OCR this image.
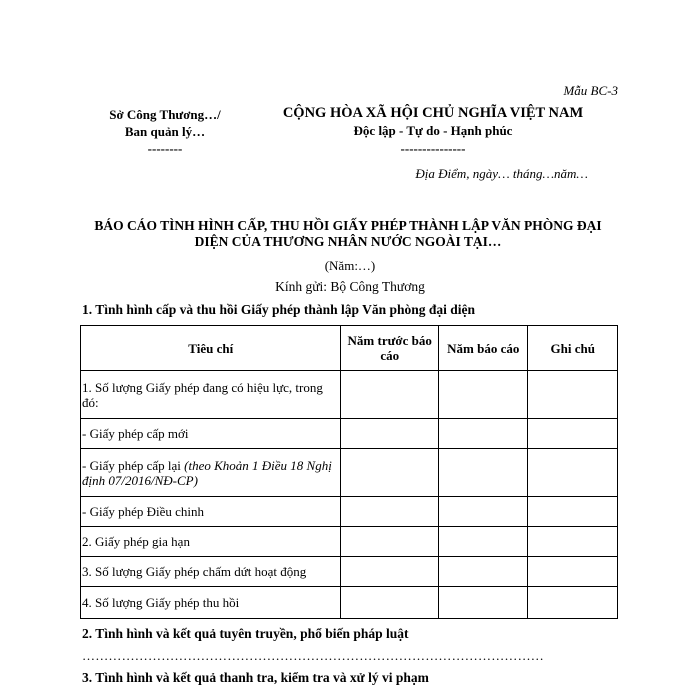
Mẫu BC-3
Sở Công Thương…/
Ban quản lý…
--------
CỘNG HÒA XÃ HỘI CHỦ NGHĨA VIỆT NAM
Độc lập - Tự do - Hạnh phúc
---------------
Địa Điểm, ngày… tháng…năm…
BÁO CÁO TÌNH HÌNH CẤP, THU HỒI GIẤY PHÉP THÀNH LẬP VĂN PHÒNG ĐẠI DIỆN CỦA THƯƠNG NHÂN NƯỚC NGOÀI TẠI…
(Năm:…)
Kính gửi: Bộ Công Thương
1. Tình hình cấp và thu hồi Giấy phép thành lập Văn phòng đại diện
Tiêu chí	Năm trước báo cáo	Năm báo cáo	Ghi chú
1. Số lượng Giấy phép đang có hiệu lực, trong đó:			
- Giấy phép cấp mới			
- Giấy phép cấp lại (theo Khoản 1 Điều 18 Nghị định 07/2016/NĐ-CP)			
- Giấy phép Điều chinh			
2. Giấy phép gia hạn			
3. Số lượng Giấy phép chấm dứt hoạt động			
4. Số lượng Giấy phép thu hồi			
2. Tình hình và kết quả tuyên truyền, phổ biến pháp luật
……………………………………………………………………………………………
3. Tình hình và kết quả thanh tra, kiểm tra và xử lý vi phạm
